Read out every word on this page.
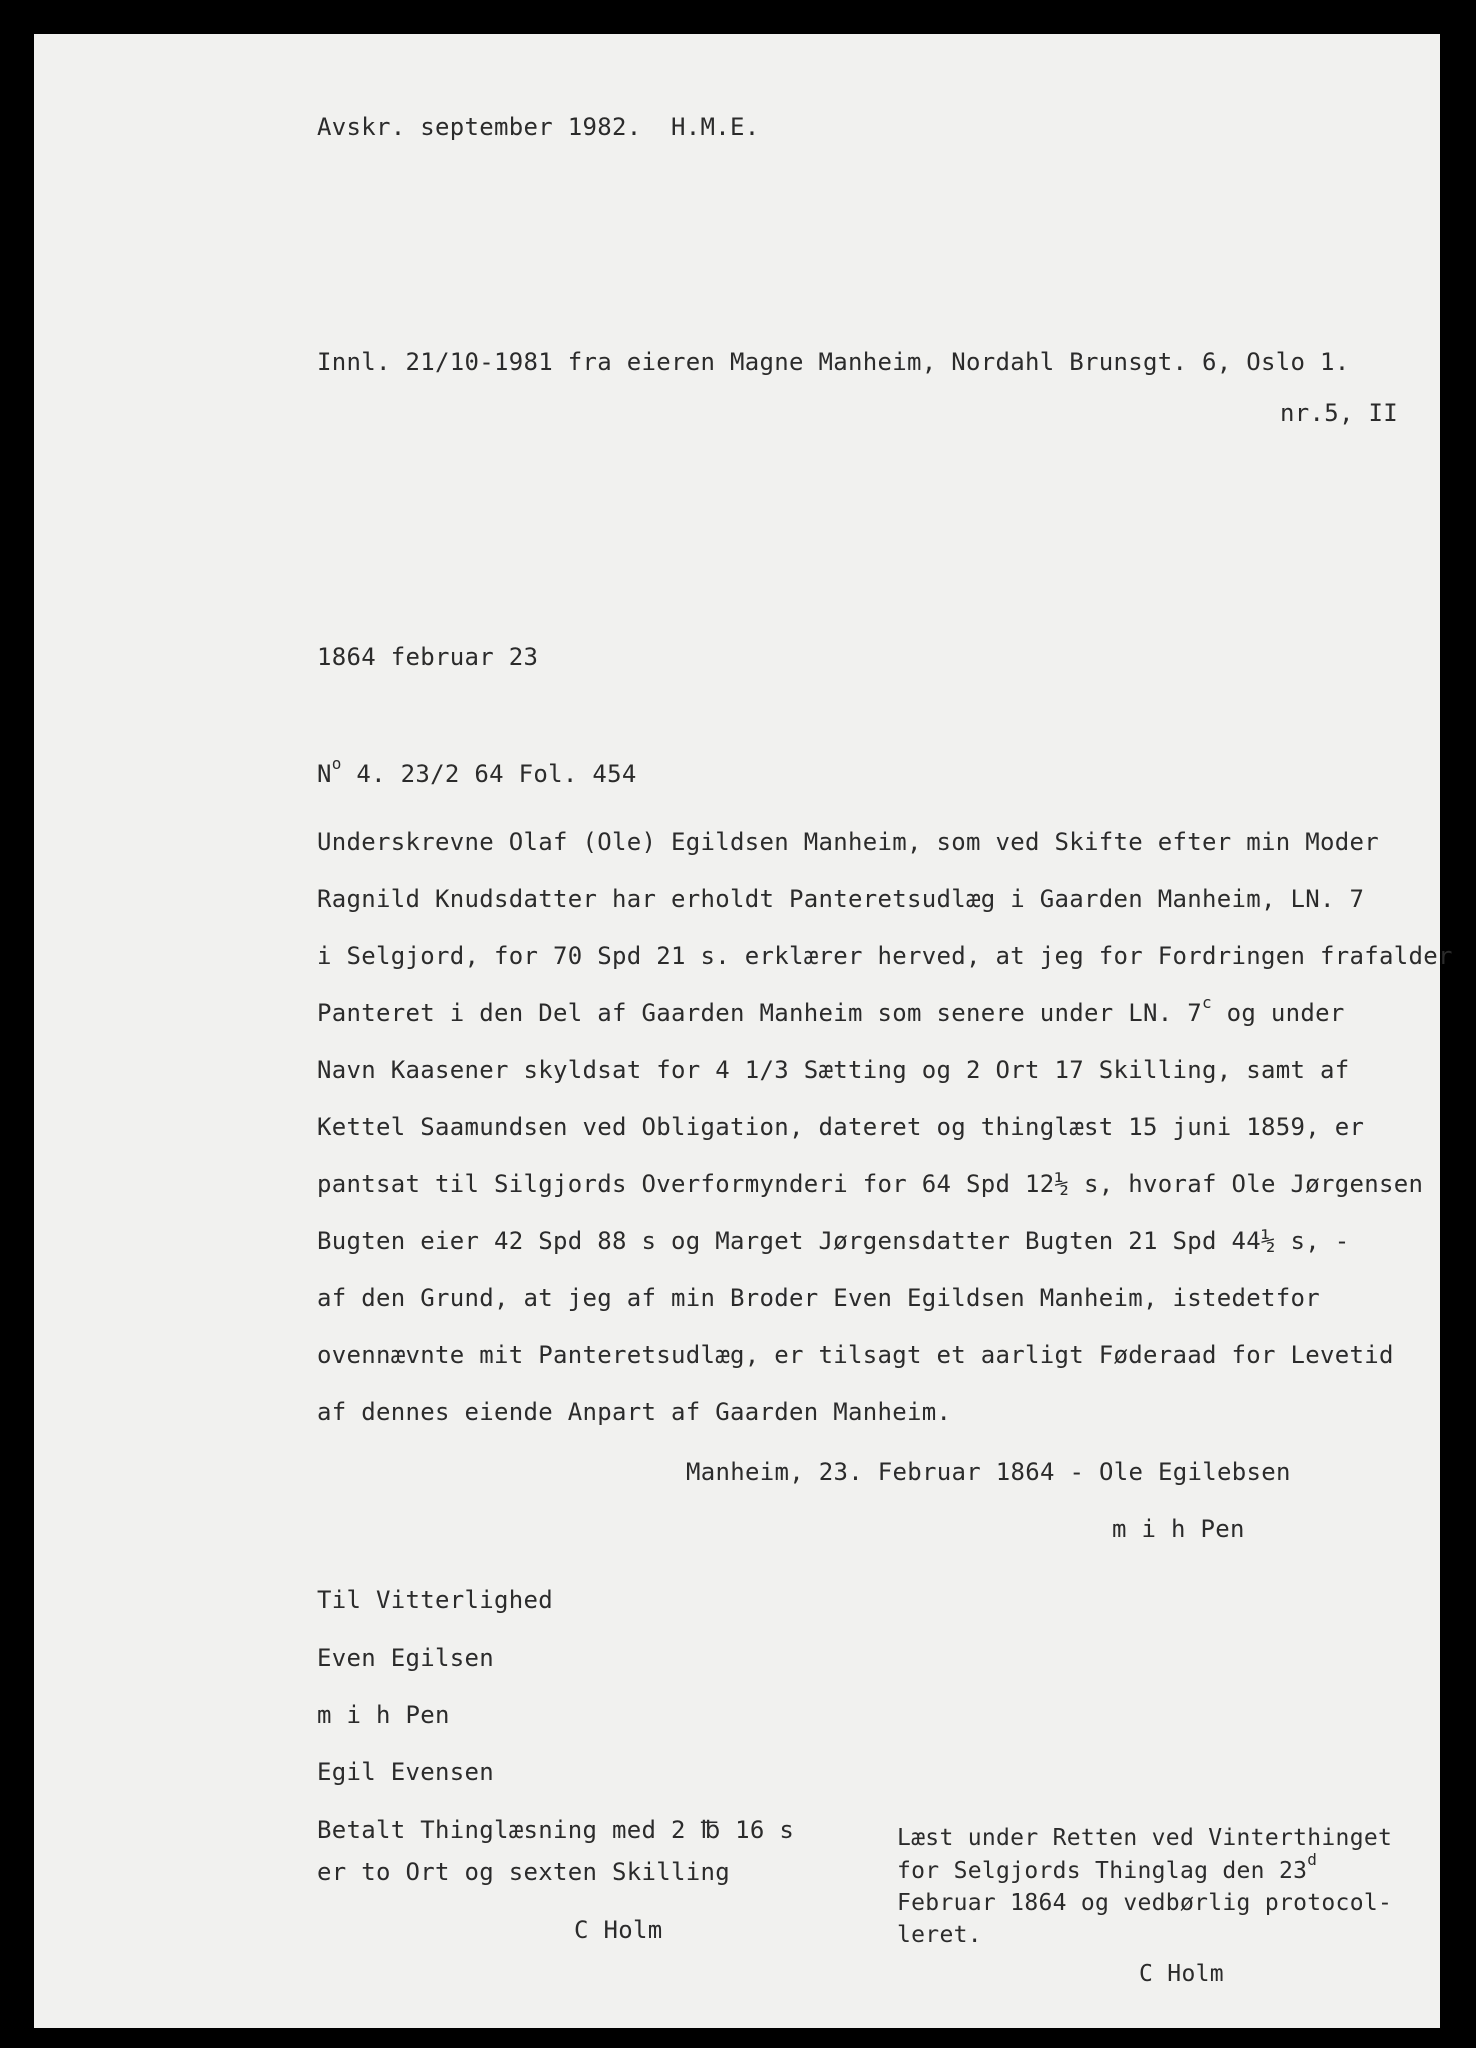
Avskr. september 1982.  H.M.E.
Innl. 21/10-1981 fra eieren Magne Manheim, Nordahl Brunsgt. 6, Oslo 1.
nr.5, II
1864 februar 23
$N^o$ 4. 23/2 64 Fol. 454
Underskrevne Olaf (Ole) Egildsen Manheim, som ved Skifte efter min Moder
Ragnild Knudsdatter har erholdt Panteretsudlæg i Gaarden Manheim, LN. 7
i Selgjord, for 70 Spd 21 s. erklærer herved, at jeg for Fordringen frafalder
Panteret i den Del af Gaarden Manheim som senere under LN. 7$^c$ og under
Navn Kaasener skyldsat for 4 1/3 Sætting og 2 Ort 17 Skilling, samt af
Kettel Saamundsen ved Obligation, dateret og thinglæst 15 juni 1859, er
pantsat til Silgjords Overformynderi for 64 Spd 12½ s, hvoraf Ole Jørgensen
Bugten eier 42 Spd 88 s og Marget Jørgensdatter Bugten 21 Spd 44½ s, -
af den Grund, at jeg af min Broder Even Egildsen Manheim, istedetfor
ovennævnte mit Panteretsudlæg, er tilsagt et aarligt Føderaad for Levetid
af dennes eiende Anpart af Gaarden Manheim.
Manheim, 23. Februar 1864 - Ole Egilebsen
m i h Pen
Til Vitterlighed
Even Egilsen
m i h Pen
Egil Evensen
Betalt Thinglæsning med 2 ℔ 16 s
er to Ort og sexten Skilling
C Holm
Læst under Retten ved Vinterthinget
for Selgjords Thinglag den 23$^d$
Februar 1864 og vedbørlig protocol-
leret.
C Holm
